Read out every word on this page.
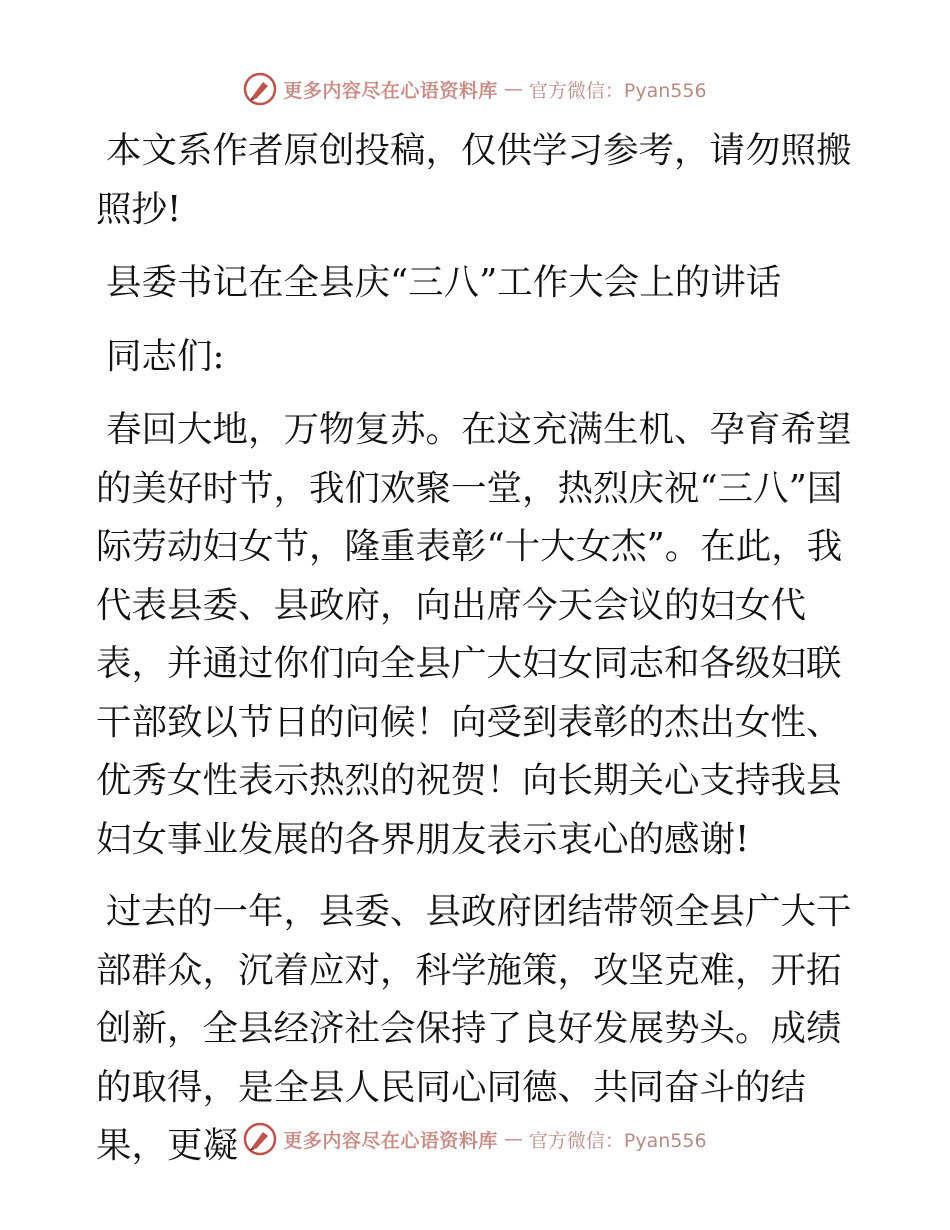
更多内容尽在心语资料库 — 官方微信：Pyan556

本文系作者原创投稿，仅供学习参考，请勿照搬照抄!

县委书记在全县庆“三八”工作大会上的讲话

同志们:

春回大地，万物复苏。在这充满生机、孕育希望的美好时节，我们欢聚一堂，热烈庆祝“三八”国际劳动妇女节，隆重表彰“十大女杰”。在此，我代表县委、县政府，向出席今天会议的妇女代表，并通过你们向全县广大妇女同志和各级妇联干部致以节日的问候！向受到表彰的杰出女性、优秀女性表示热烈的祝贺！向长期关心支持我县妇女事业发展的各界朋友表示衷心的感谢!

过去的一年，县委、县政府团结带领全县广大干部群众，沉着应对，科学施策，攻坚克难，开拓创新，全县经济社会保持了良好发展势头。成绩的取得，是全县人民同心同德、共同奋斗的结果，更凝	更多内容尽在心语资料库 — 官方微信：Pyan556
